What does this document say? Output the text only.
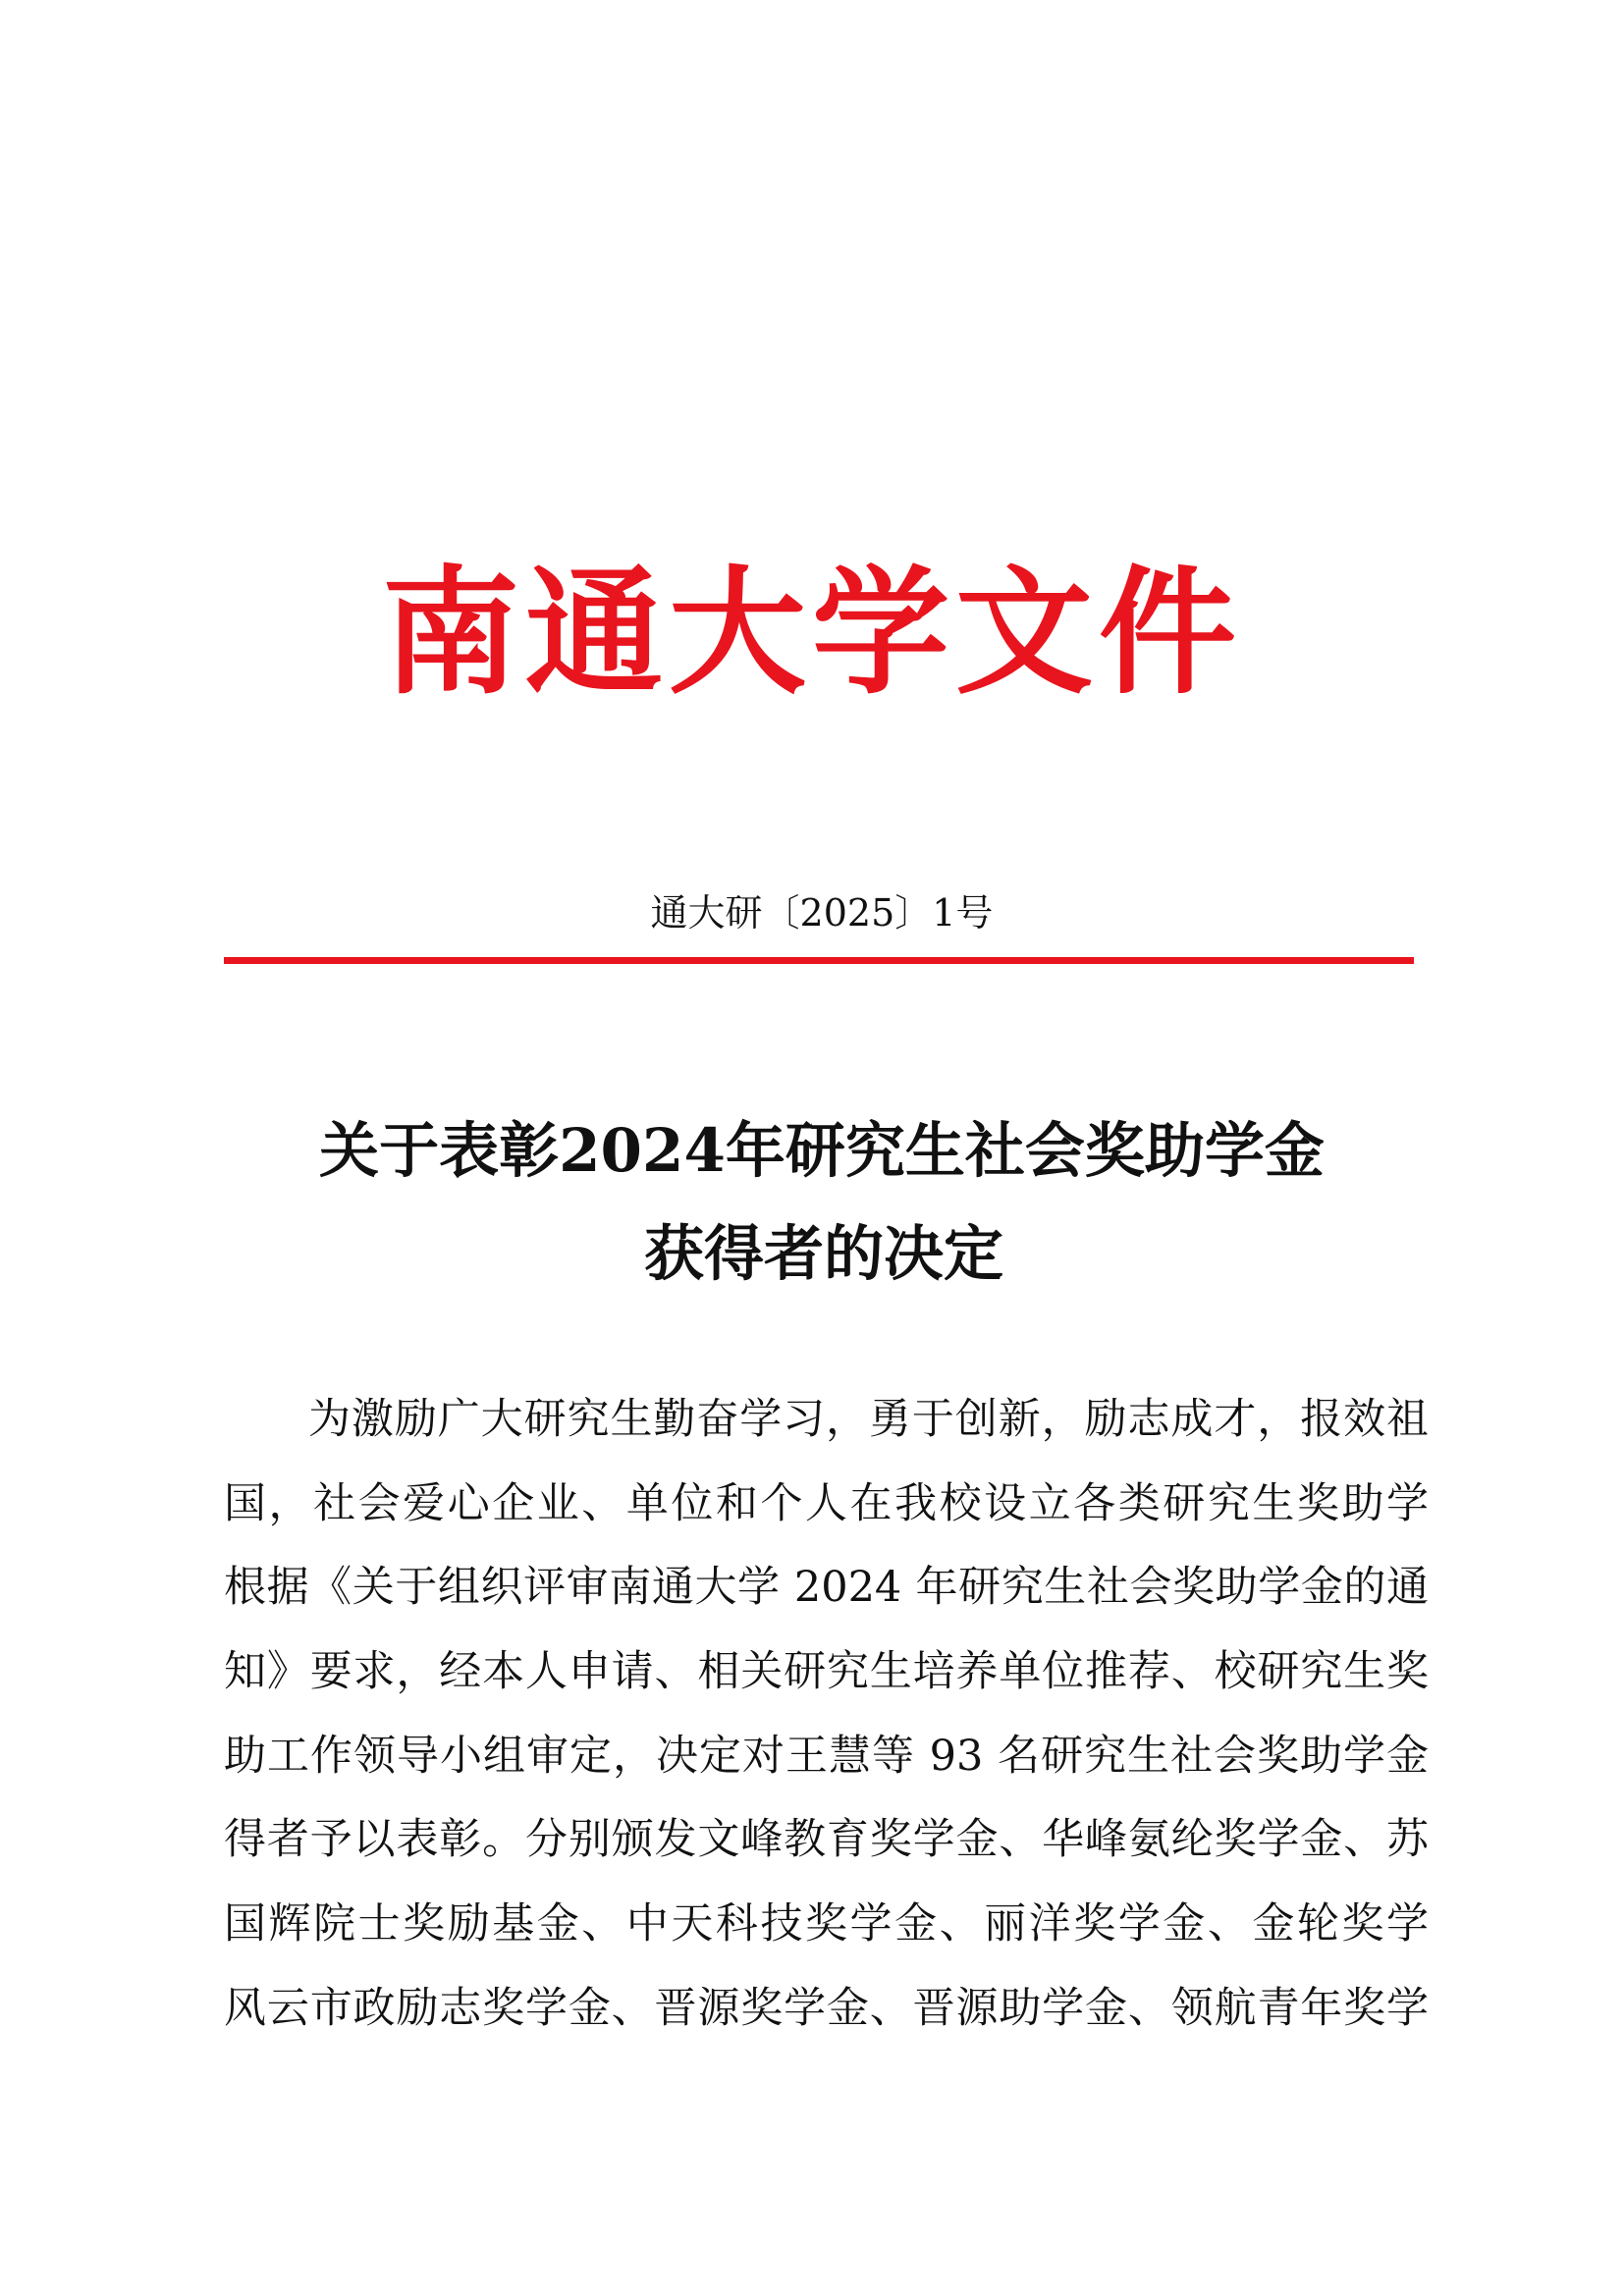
南通大学文件
通大研〔2025〕1号
关于表彰2024年研究生社会奖助学金
获得者的决定
为激励广大研究生勤奋学习，勇于创新，励志成才，报效祖
国，社会爱心企业、单位和个人在我校设立各类研究生奖助学
根据《关于组织评审南通大学 2024 年研究生社会奖助学金的通
知》要求，经本人申请、相关研究生培养单位推荐、校研究生奖
助工作领导小组审定，决定对王慧等 93 名研究生社会奖助学金
得者予以表彰。分别颁发文峰教育奖学金、华峰氨纶奖学金、苏
国辉院士奖励基金、中天科技奖学金、丽洋奖学金、金轮奖学
风云市政励志奖学金、晋源奖学金、晋源助学金、领航青年奖学
